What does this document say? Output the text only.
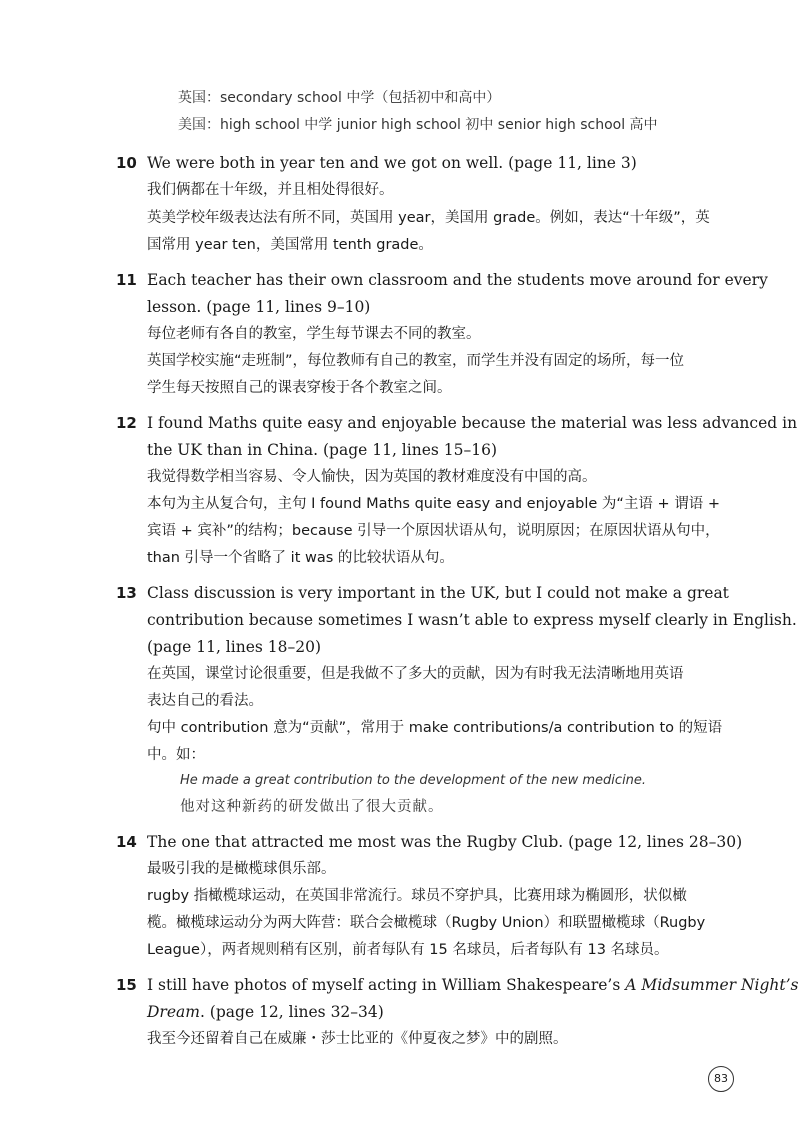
英国：secondary school 中学（包括初中和高中）
美国：high school 中学 junior high school 初中 senior high school 高中
10 We were both in year ten and we got on well. (page 11, line 3)
我们俩都在十年级，并且相处得很好。
英美学校年级表达法有所不同，英国用 year，美国用 grade。例如，表达“十年级”，英
国常用 year ten，美国常用 tenth grade。
11 Each teacher has their own classroom and the students move around for every
lesson. (page 11, lines 9–10)
每位老师有各自的教室，学生每节课去不同的教室。
英国学校实施“走班制”，每位教师有自己的教室，而学生并没有固定的场所，每一位
学生每天按照自己的课表穿梭于各个教室之间。
12 I found Maths quite easy and enjoyable because the material was less advanced in
the UK than in China. (page 11, lines 15–16)
我觉得数学相当容易、令人愉快，因为英国的教材难度没有中国的高。
本句为主从复合句，主句 I found Maths quite easy and enjoyable 为“主语 + 谓语 +
宾语 + 宾补”的结构；because 引导一个原因状语从句，说明原因；在原因状语从句中，
than 引导一个省略了 it was 的比较状语从句。
13 Class discussion is very important in the UK, but I could not make a great
contribution because sometimes I wasn’t able to express myself clearly in English.
(page 11, lines 18–20)
在英国，课堂讨论很重要，但是我做不了多大的贡献，因为有时我无法清晰地用英语
表达自己的看法。
句中 contribution 意为“贡献”，常用于 make contributions/a contribution to 的短语
中。如：
He made a great contribution to the development of the new medicine.
他对这种新药的研发做出了很大贡献。
14 The one that attracted me most was the Rugby Club. (page 12, lines 28–30)
最吸引我的是橄榄球俱乐部。
rugby 指橄榄球运动，在英国非常流行。球员不穿护具，比赛用球为椭圆形，状似橄
榄。橄榄球运动分为两大阵营：联合会橄榄球（Rugby Union）和联盟橄榄球（Rugby
League），两者规则稍有区别，前者每队有 15 名球员，后者每队有 13 名球员。
15 I still have photos of myself acting in William Shakespeare’s A Midsummer Night’s
Dream. (page 12, lines 32–34)
我至今还留着自己在威廉・莎士比亚的《仲夏夜之梦》中的剧照。
83
